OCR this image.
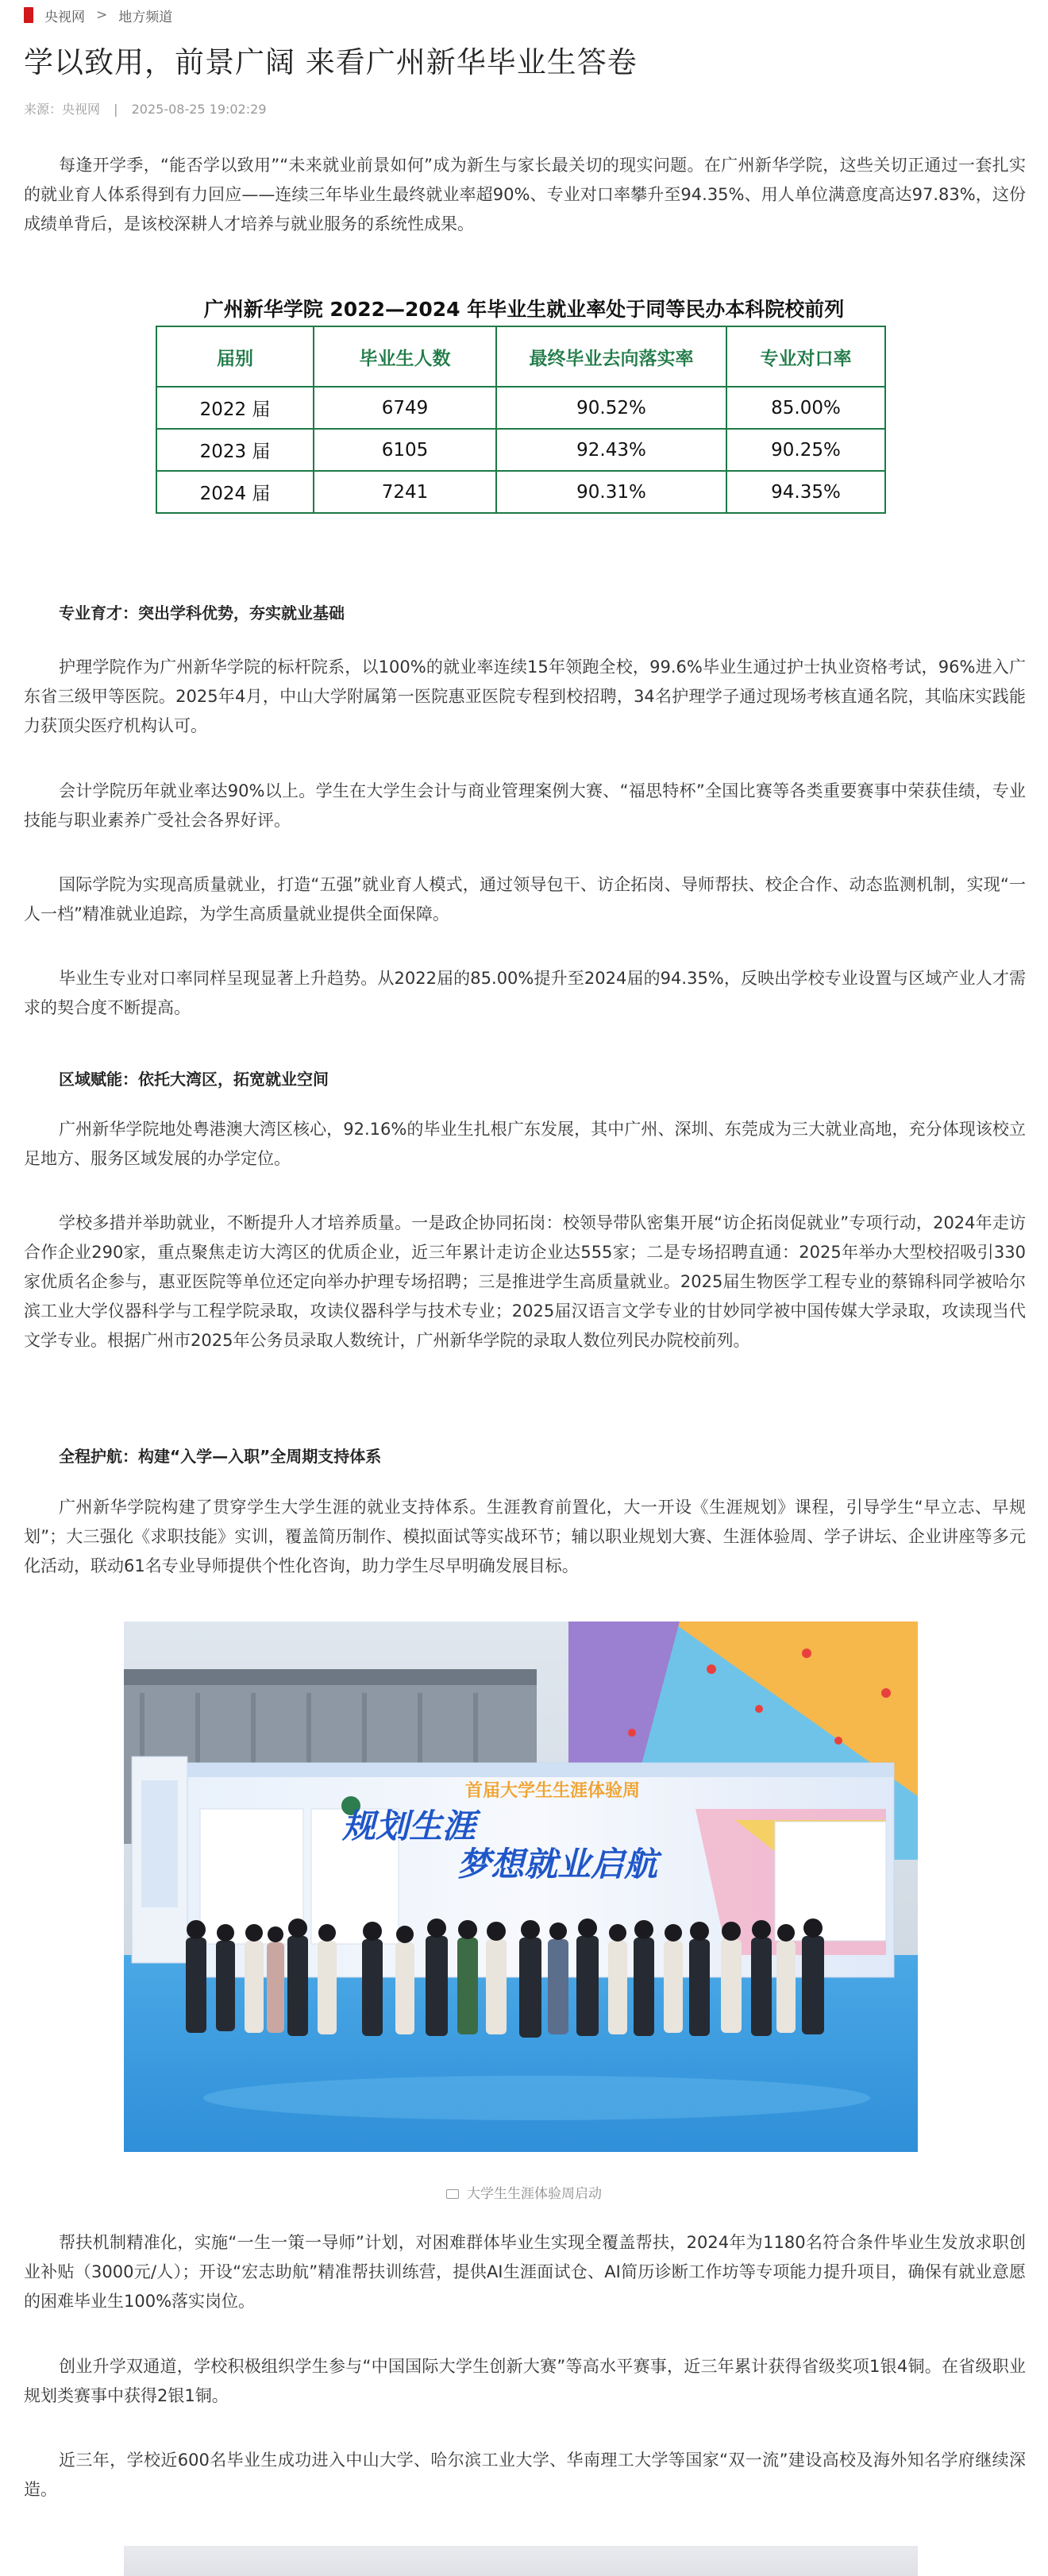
央视网 > 地方频道
学以致用，前景广阔 来看广州新华毕业生答卷
来源：央视网 | 2025-08-25 19:02:29

每逢开学季，“能否学以致用”“未来就业前景如何”成为新生与家长最关切的现实问题。在广州新华学院，这些关切正通过一套扎实的就业育人体系得到有力回应——连续三年毕业生最终就业率超90%、专业对口率攀升至94.35%、用人单位满意度高达97.83%，这份成绩单背后，是该校深耕人才培养与就业服务的系统性成果。

广州新华学院 2022—2024 年毕业生就业率处于同等民办本科院校前列

届别	毕业生人数	最终毕业去向落实率	专业对口率
2022 届	6749	90.52%	85.00%
2023 届	6105	92.43%	90.25%
2024 届	7241	90.31%	94.35%

专业育才：突出学科优势，夯实就业基础

护理学院作为广州新华学院的标杆院系，以100%的就业率连续15年领跑全校，99.6%毕业生通过护士执业资格考试，96%进入广东省三级甲等医院。2025年4月，中山大学附属第一医院惠亚医院专程到校招聘，34名护理学子通过现场考核直通名院，其临床实践能力获顶尖医疗机构认可。

会计学院历年就业率达90%以上。学生在大学生会计与商业管理案例大赛、“福思特杯”全国比赛等各类重要赛事中荣获佳绩，专业技能与职业素养广受社会各界好评。

国际学院为实现高质量就业，打造“五强”就业育人模式，通过领导包干、访企拓岗、导师帮扶、校企合作、动态监测机制，实现“一人一档”精准就业追踪，为学生高质量就业提供全面保障。

毕业生专业对口率同样呈现显著上升趋势。从2022届的85.00%提升至2024届的94.35%，反映出学校专业设置与区域产业人才需求的契合度不断提高。

区域赋能：依托大湾区，拓宽就业空间

广州新华学院地处粤港澳大湾区核心，92.16%的毕业生扎根广东发展，其中广州、深圳、东莞成为三大就业高地，充分体现该校立足地方、服务区域发展的办学定位。

学校多措并举助就业，不断提升人才培养质量。一是政企协同拓岗：校领导带队密集开展“访企拓岗促就业”专项行动，2024年走访合作企业290家，重点聚焦走访大湾区的优质企业，近三年累计走访企业达555家；二是专场招聘直通：2025年举办大型校招吸引330家优质名企参与，惠亚医院等单位还定向举办护理专场招聘；三是推进学生高质量就业。2025届生物医学工程专业的蔡锦科同学被哈尔滨工业大学仪器科学与工程学院录取，攻读仪器科学与技术专业；2025届汉语言文学专业的甘妙同学被中国传媒大学录取，攻读现当代文学专业。根据广州市2025年公务员录取人数统计，广州新华学院的录取人数位列民办院校前列。

全程护航：构建“入学—入职”全周期支持体系

广州新华学院构建了贯穿学生大学生涯的就业支持体系。生涯教育前置化，大一开设《生涯规划》课程，引导学生“早立志、早规划”；大三强化《求职技能》实训，覆盖简历制作、模拟面试等实战环节；辅以职业规划大赛、生涯体验周、学子讲坛、企业讲座等多元化活动，联动61名专业导师提供个性化咨询，助力学生尽早明确发展目标。

首届大学生生涯体验周
规划生涯
梦想就业启航
大学生生涯体验周启动

帮扶机制精准化，实施“一生一策一导师”计划，对困难群体毕业生实现全覆盖帮扶，2024年为1180名符合条件毕业生发放求职创业补贴（3000元/人）；开设“宏志助航”精准帮扶训练营，提供AI生涯面试仓、AI简历诊断工作坊等专项能力提升项目，确保有就业意愿的困难毕业生100%落实岗位。

创业升学双通道，学校积极组织学生参与“中国国际大学生创新大赛”等高水平赛事，近三年累计获得省级奖项1银4铜。在省级职业规划类赛事中获得2银1铜。

近三年，学校近600名毕业生成功进入中山大学、哈尔滨工业大学、华南理工大学等国家“双一流”建设高校及海外知名学府继续深造。
